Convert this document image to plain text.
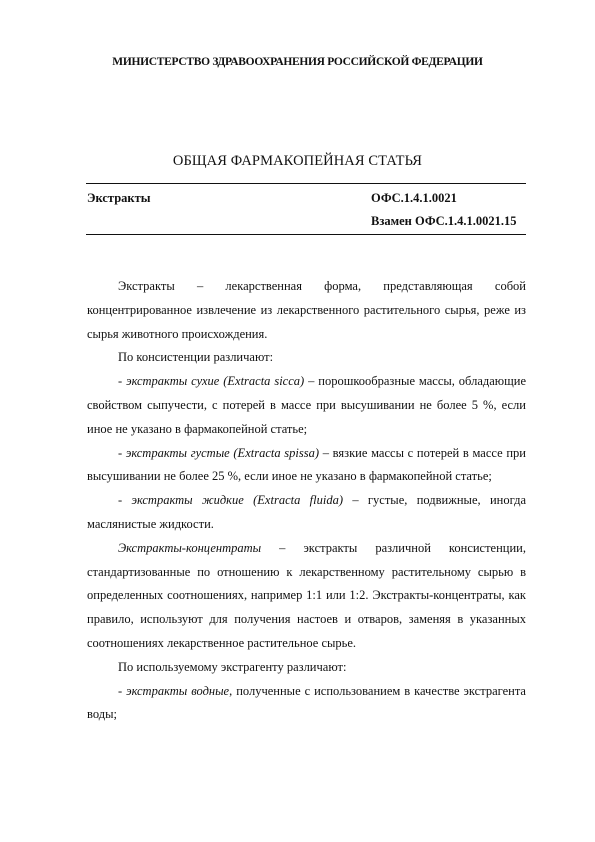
МИНИСТЕРСТВО ЗДРАВООХРАНЕНИЯ РОССИЙСКОЙ ФЕДЕРАЦИИ
ОБЩАЯ ФАРМАКОПЕЙНАЯ СТАТЬЯ
Экстракты	ОФС.1.4.1.0021
Взамен ОФС.1.4.1.0021.15

Экстракты – лекарственная форма, представляющая собой концентрированное извлечение из лекарственного растительного сырья, реже из сырья животного происхождения.

По консистенции различают:

- экстракты сухие (Extracta sicca) – порошкообразные массы, обладающие свойством сыпучести, с потерей в массе при высушивании не более 5 %, если иное не указано в фармакопейной статье;

- экстракты густые (Extracta spissa) – вязкие массы с потерей в массе при высушивании не более 25 %, если иное не указано в фармакопейной статье;

- экстракты жидкие (Extracta fluida) – густые, подвижные, иногда маслянистые жидкости.

Экстракты-концентраты – экстракты различной консистенции, стандартизованные по отношению к лекарственному растительному сырью в определенных соотношениях, например 1:1 или 1:2. Экстракты-концентраты, как правило, используют для получения настоев и отваров, заменяя в указанных соотношениях лекарственное растительное сырье.

По используемому экстрагенту различают:

- экстракты водные, полученные с использованием в качестве экстрагента воды;
